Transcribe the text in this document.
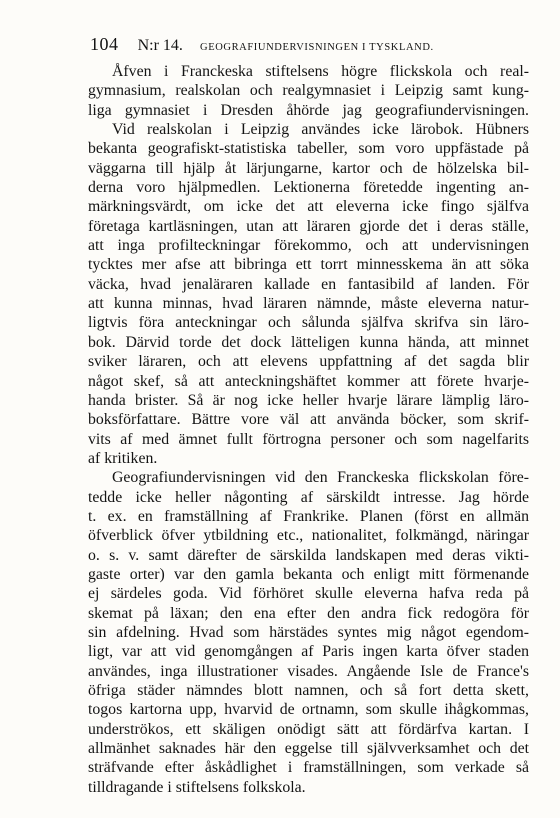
104 N:r 14. GEOGRAFIUNDERVISNINGEN I TYSKLAND.
Åfven i Franckeska stiftelsens högre flickskola och real-
gymnasium, realskolan och realgymnasiet i Leipzig samt kung-
liga gymnasiet i Dresden åhörde jag geografiundervisningen.
Vid realskolan i Leipzig användes icke lärobok. Hübners
bekanta geografiskt-statistiska tabeller, som voro uppfästade på
väggarna till hjälp åt lärjungarne, kartor och de hölzelska bil-
derna voro hjälpmedlen. Lektionerna företedde ingenting an-
märkningsvärdt, om icke det att eleverna icke fingo själfva
företaga kartläsningen, utan att läraren gjorde det i deras ställe,
att inga profilteckningar förekommo, och att undervisningen
tycktes mer afse att bibringa ett torrt minnesskema än att söka
väcka, hvad jenaläraren kallade en fantasibild af landen. För
att kunna minnas, hvad läraren nämnde, måste eleverna natur-
ligtvis föra anteckningar och sålunda själfva skrifva sin läro-
bok. Därvid torde det dock lätteligen kunna hända, att minnet
sviker läraren, och att elevens uppfattning af det sagda blir
något skef, så att anteckningshäftet kommer att förete hvarje-
handa brister. Så är nog icke heller hvarje lärare lämplig läro-
boksförfattare. Bättre vore väl att använda böcker, som skrif-
vits af med ämnet fullt förtrogna personer och som nagelfarits
af kritiken.
Geografiundervisningen vid den Franckeska flickskolan före-
tedde icke heller någonting af särskildt intresse. Jag hörde
t. ex. en framställning af Frankrike. Planen (först en allmän
öfverblick öfver ytbildning etc., nationalitet, folkmängd, näringar
o. s. v. samt därefter de särskilda landskapen med deras vikti-
gaste orter) var den gamla bekanta och enligt mitt förmenande
ej särdeles goda. Vid förhöret skulle eleverna hafva reda på
skemat på läxan; den ena efter den andra fick redogöra för
sin afdelning. Hvad som härstädes syntes mig något egendom-
ligt, var att vid genomgången af Paris ingen karta öfver staden
användes, inga illustrationer visades. Angående Isle de France's
öfriga städer nämndes blott namnen, och så fort detta skett,
togos kartorna upp, hvarvid de ortnamn, som skulle ihågkommas,
underströkos, ett skäligen onödigt sätt att fördärfva kartan. I
allmänhet saknades här den eggelse till självverksamhet och det
sträfvande efter åskådlighet i framställningen, som verkade så
tilldragande i stiftelsens folkskola.
